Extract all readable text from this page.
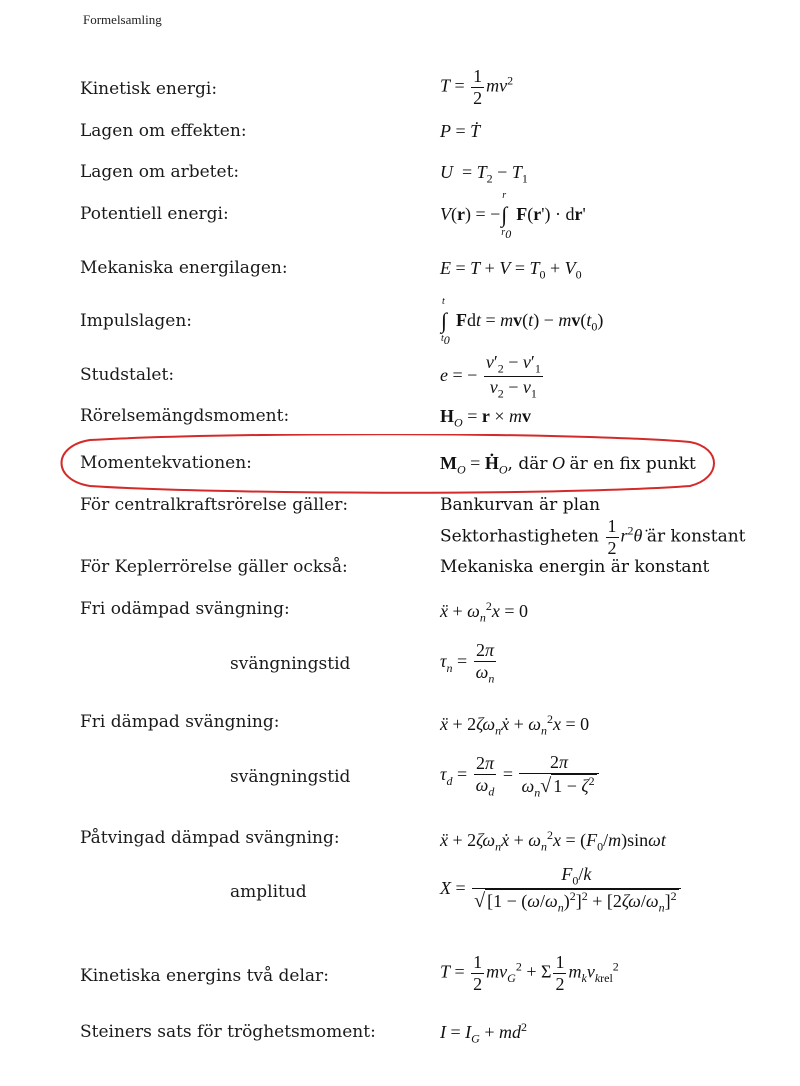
Formelsamling
Kinetisk energi:
Lagen om effekten:
Lagen om arbetet:
Potentiell energi:
Mekaniska energilagen:
Impulslagen:
Studstalet:
Rörelsemängdsmoment:
Momentekvationen:
För centralkraftsrörelse gäller:
För Keplerrörelse gäller också:
Fri odämpad svängning:
svängningstid
Fri dämpad svängning:
svängningstid
Påtvingad dämpad svängning:
amplitud
Kinetiska energins två delar:
Steiners sats för tröghetsmoment:
$T = \frac{1}{2} mv^2$
P = Ṫ
$U = T_2 - T_1$
V(r) = −
r
∫
$r_0$
F(r') · dr'
$E = T + V = T_0 + V_0$
t
∫
$t_0$
Fdt = $mv(t) - mv(t_0)$
e = − $\frac{v'_2 - v'_1}{v_2 - v_1}$
$H_O = r$ × mv
$M_O$ = $Ḣ_O$, där O är en fix punkt
Bankurvan är plan
Sektorhastigheten $\frac{1}{2}$ $r^2\thetȧ$ är konstant
Mekaniska energin är konstant
ẍ + $\omega_n^2x = 0$
$\tau_n = \frac{2\pi}{\omega_n}$
ẍ + $2\zeta\omega_nẋ + \omega_n^2x = 0$
$\tau_d = \frac{2\pi}{\omega_d} = \frac{2\pi}{\omega_n√ 1 - \zeta^2}$
ẍ + $2\zeta\omega_nẋ + \omega_n^2x = (F_0/m)\sin\omega t$
$X = \frac{F_0/k}{√ [1 - (\omega/\omega_n)^2]^2 + [2\zeta\omega/\omega_n]^2}$
$T = \frac{1}{2} mv_G^2 + \Sigma \frac{1}{2} m_kv_{krel}^2$
$I = I_G + md^2$
